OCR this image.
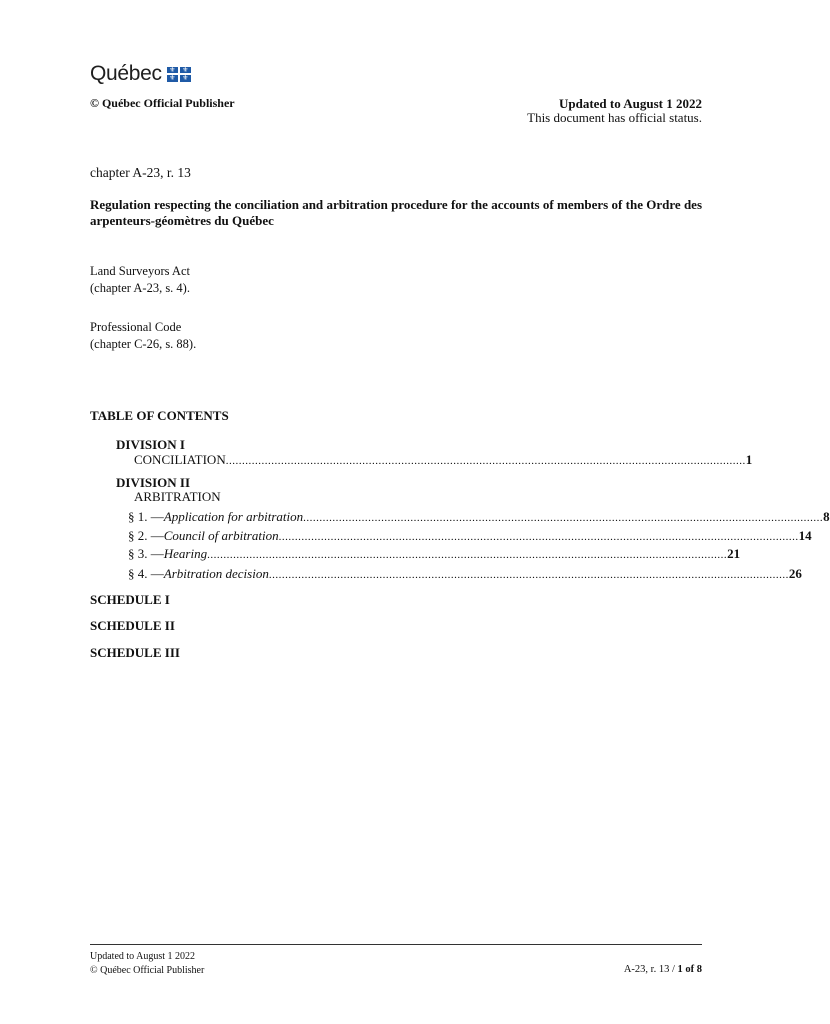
Québec	⚜ ⚜
⚜ ⚜
© Québec Official Publisher	Updated to August 1 2022
This document has official status.
chapter A-23, r. 13
Regulation respecting the conciliation and arbitration procedure for the accounts of members of the Ordre des arpenteurs-géomètres du Québec
Land Surveyors Act
(chapter A-23, s. 4).
Professional Code
(chapter C-26, s. 88).
TABLE OF CONTENTS
DIVISION I
CONCILIATION ................................................................................................................................................................ 1
DIVISION II
ARBITRATION
§ 1. — Application for arbitration ................................................................................................................................................................ 8
§ 2. — Council of arbitration ................................................................................................................................................................ 14
§ 3. — Hearing ................................................................................................................................................................ 21
§ 4. — Arbitration decision ................................................................................................................................................................ 26
SCHEDULE I
SCHEDULE II
SCHEDULE III
Updated to August 1 2022
© Québec Official Publisher	A-23, r. 13 / 1 of 8
